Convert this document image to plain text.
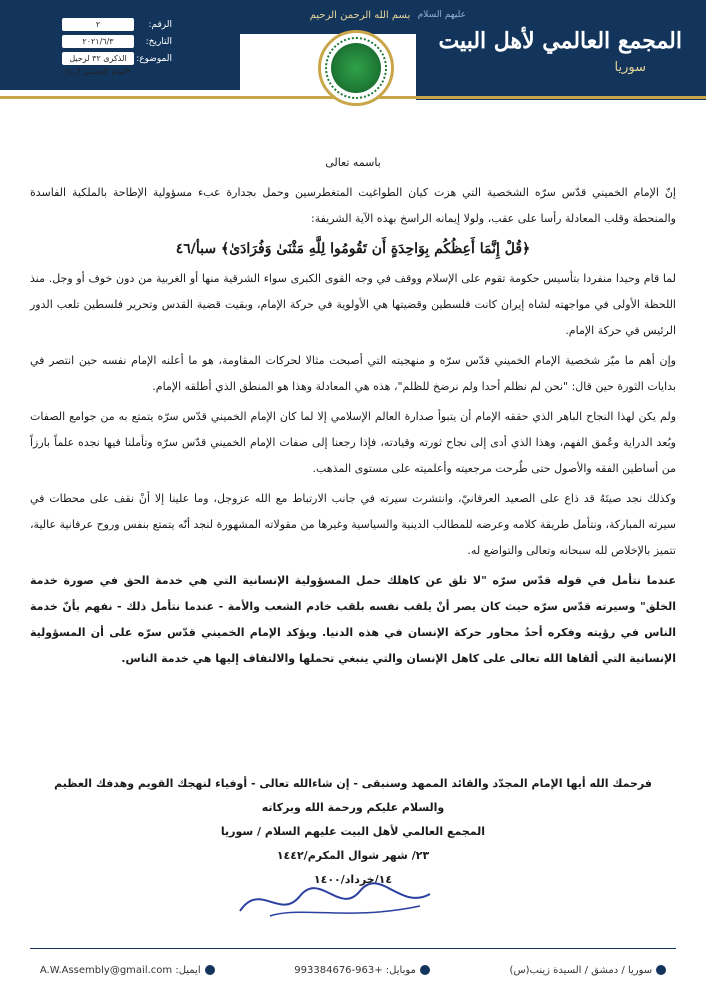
بسم الله الرحمن الرحيم عليهم السلام
المجمع العالمي لأهل البيت
سوريا
الرقم:
٢
التاريخ:
٢٠٢١/٦/٣
الموضوع:
الذكرى ٣٢ لرحيل الإمام الخميني (ره)
باسمه تعالى

إنّ الإمام الخميني قدّس سرّه الشخصية التي هزت كيان الطواغيت المتغطرسين وحمل بجدارة عبء مسؤولية الإطاحة بالملكية الفاسدة والمنحطة وقلب المعادلة رأسا على عقب، ولولا إيمانه الراسخ بهذه الآية الشريفة:

﴿قُلْ إِنَّمَا أَعِظُكُم بِوَاحِدَةٍ أَن تَقُومُوا لِلَّهِ مَثْنَىٰ وَفُرَادَىٰ﴾ سبأ/٤٦

لما قام وحيدا منفردا بتأسيس حكومة تقوم على الإسلام ووقف في وجه القوى الكبرى سواء الشرقية منها أو الغربية من دون خوف أو وجل. منذ اللحظة الأولى في مواجهته لشاه إيران كانت فلسطين وقضيتها هي الأولوية في حركة الإمام، وبقيت قضية القدس وتحرير فلسطين تلعب الدور الرئيس في حركة الإمام.

وإن أهم ما ميّز شخصية الإمام الخميني قدّس سرّه و منهجيته التي أصبحت مثالا لحركات المقاومة، هو ما أعلنه الإمام نفسه حين انتصر في بدايات الثورة حين قال: "نحن لم نظلم أحدا ولم نرضخ للظلم"، هذه هي المعادلة وهذا هو المنطق الذي أطلقه الإمام.

ولم يكن لهذا النجاح الباهر الذي حققه الإمام أن يتبوأ صدارة العالم الإسلامي إلا لما كان الإمام الخميني قدّس سرّه يتمتع به من جوامع الصفات وبُعد الدراية وعُمق الفهم، وهذا الذي أدى إلى نجاح ثورته وقيادته، فإذا رجعنا إلى صفات الإمام الخميني قدّس سرّه وتأملنا فيها نجده علماً بارزاً من أساطين الفقه والأصول حتى طُرحت مرجعيته وأعلميته على مستوى المذهب.

وكذلك نجد صيتَهُ قد ذاع على الصعيد العرفانيّ، وانتشرت سيرته في جانب الارتباط مع الله عزوجل، وما علينا إلا أنْ نقف على محطات في سيرته المباركة، ونتأمل طريقة كلامه وعرضه للمطالب الدينية والسياسية وغيرها من مقولاته المشهورة لنجد أنّه يتمتع بنفس وروح عرفانية عالية، تتميز بالإخلاص لله سبحانه وتعالى والتواضع له.

عندما نتأمل في قوله قدّس سرّه "لا تلق عن كاهلك حمل المسؤولية الإنسانية التي هي خدمة الحق في صورة خدمة الخلق" وسيرته قدّس سرّه حيث كان يصر أنْ يلقب نفسه بلقب خادم الشعب والأمة - عندما نتأمل ذلك - نفهم بأنّ خدمة الناس في رؤيته وفكره أحدُ محاور حركة الإنسان في هذه الدنيا. ويؤكد الإمام الخميني قدّس سرّه على أن المسؤولية الإنسانية التي ألقاها الله تعالى على كاهل الإنسان والتي ينبغي تحملها والالتفاف إليها هي خدمة الناس.

فرحمك الله أيها الإمام المجدّد والقائد الممهد وسنبقى - إن شاءالله تعالى - أوفياء لنهجك القويم وهدفك العظيم
والسلام عليكم ورحمة الله وبركاته
المجمع العالمي لأهل البيت عليهم السلام / سوريا
٢٣/ شهر شوال المكرم/١٤٤٢
١٤/خرداد/١٤٠٠
سوريا / دمشق / السيدة زينب(س)
موبايل: +963-993384676
ايميل: A.W.Assembly@gmail.com
